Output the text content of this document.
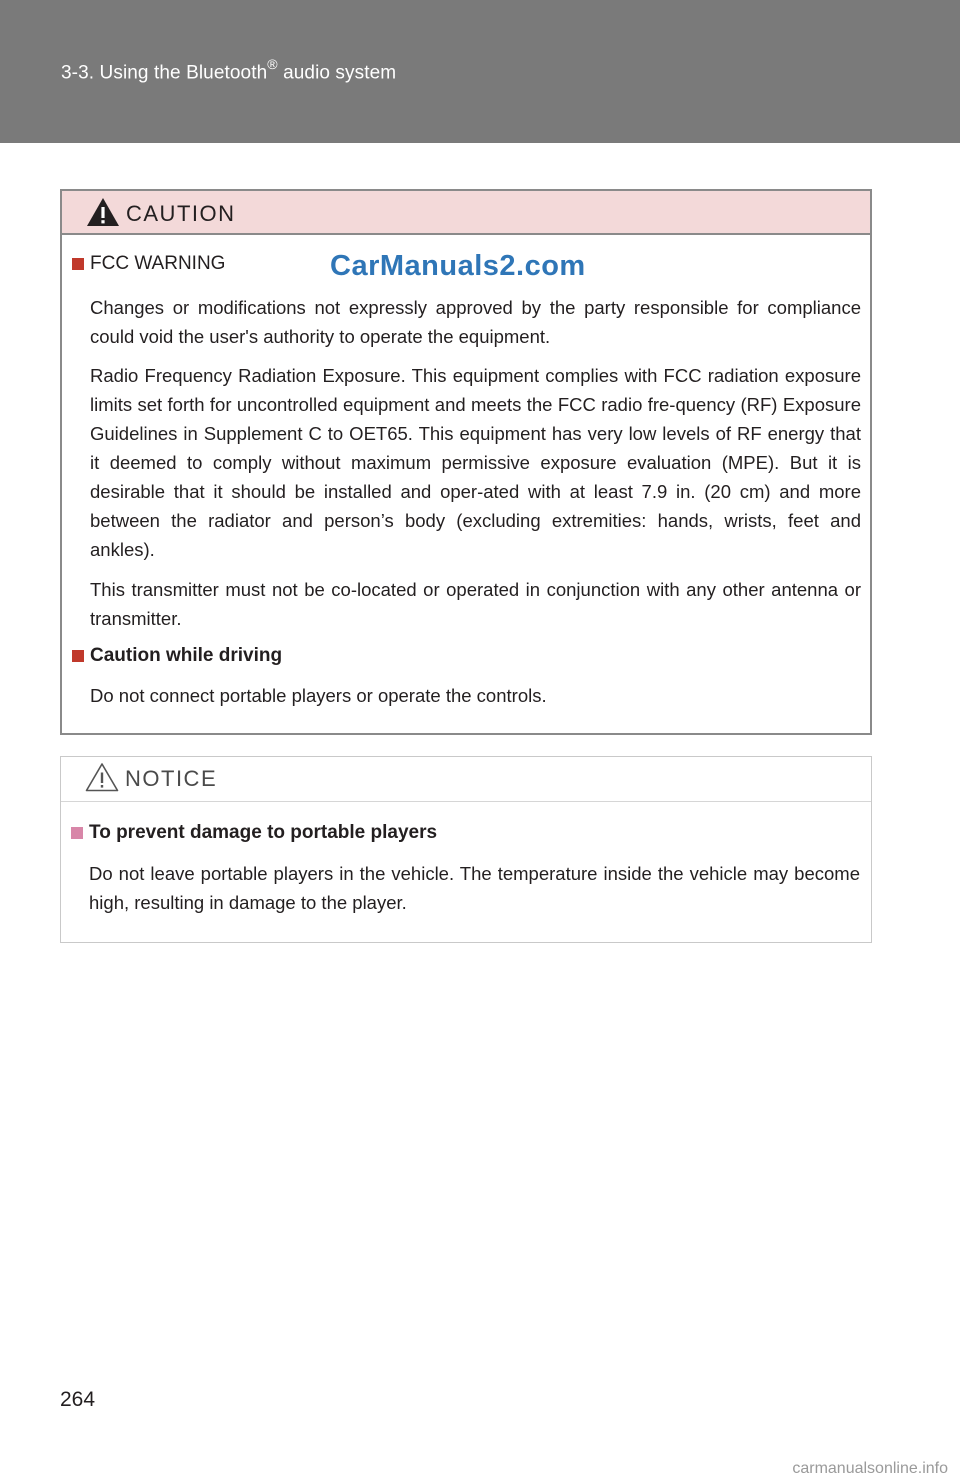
3-3. Using the Bluetooth® audio system
CAUTION
FCC WARNING

Changes or modifications not expressly approved by the party responsible for compliance could void the user's authority to operate the equipment.

Radio Frequency Radiation Exposure. This equipment complies with FCC radiation exposure limits set forth for uncontrolled equipment and meets the FCC radio fre-quency (RF) Exposure Guidelines in Supplement C to OET65. This equipment has very low levels of RF energy that it deemed to comply without maximum permissive exposure evaluation (MPE). But it is desirable that it should be installed and oper-ated with at least 7.9 in. (20 cm) and more between the radiator and person’s body (excluding extremities: hands, wrists, feet and ankles).

This transmitter must not be co-located or operated in conjunction with any other antenna or transmitter.

Caution while driving

Do not connect portable players or operate the controls.

CarManuals2.com
NOTICE
To prevent damage to portable players

Do not leave portable players in the vehicle. The temperature inside the vehicle may become high, resulting in damage to the player.

264
carmanualsonline.info
